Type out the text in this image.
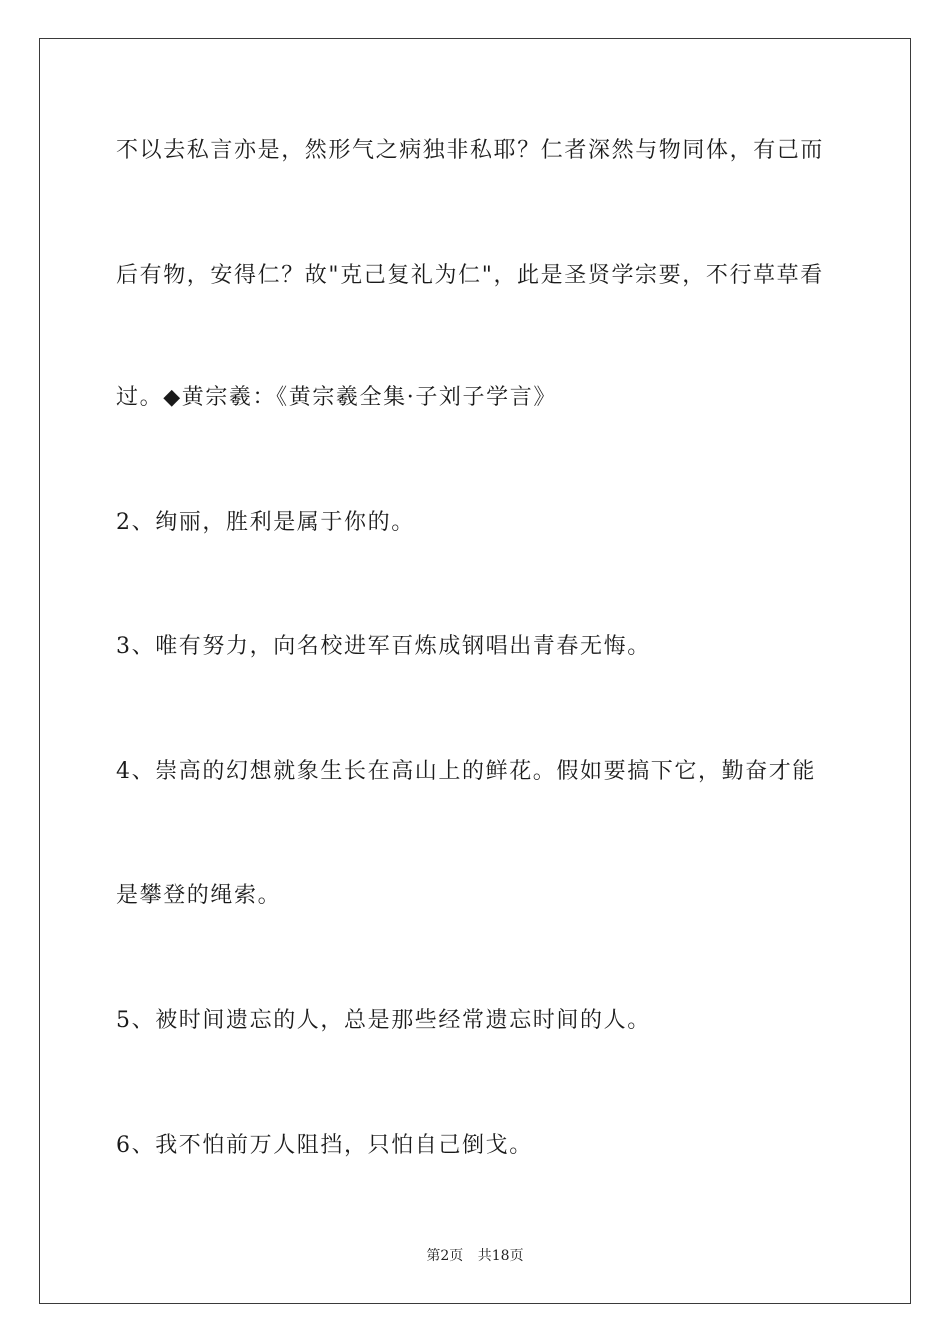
不以去私言亦是，然形气之病独非私耶？仁者深然与物同体，有己而
后有物，安得仁？故"克己复礼为仁"，此是圣贤学宗要，不行草草看
过。◆黄宗羲：《黄宗羲全集·子刘子学言》
2、绚丽，胜利是属于你的。
3、唯有努力，向名校进军百炼成钢唱出青春无悔。
4、崇高的幻想就象生长在高山上的鲜花。假如要搞下它，勤奋才能
是攀登的绳索。
5、被时间遗忘的人，总是那些经常遗忘时间的人。
6、我不怕前万人阻挡，只怕自己倒戈。
第2页 共18页
